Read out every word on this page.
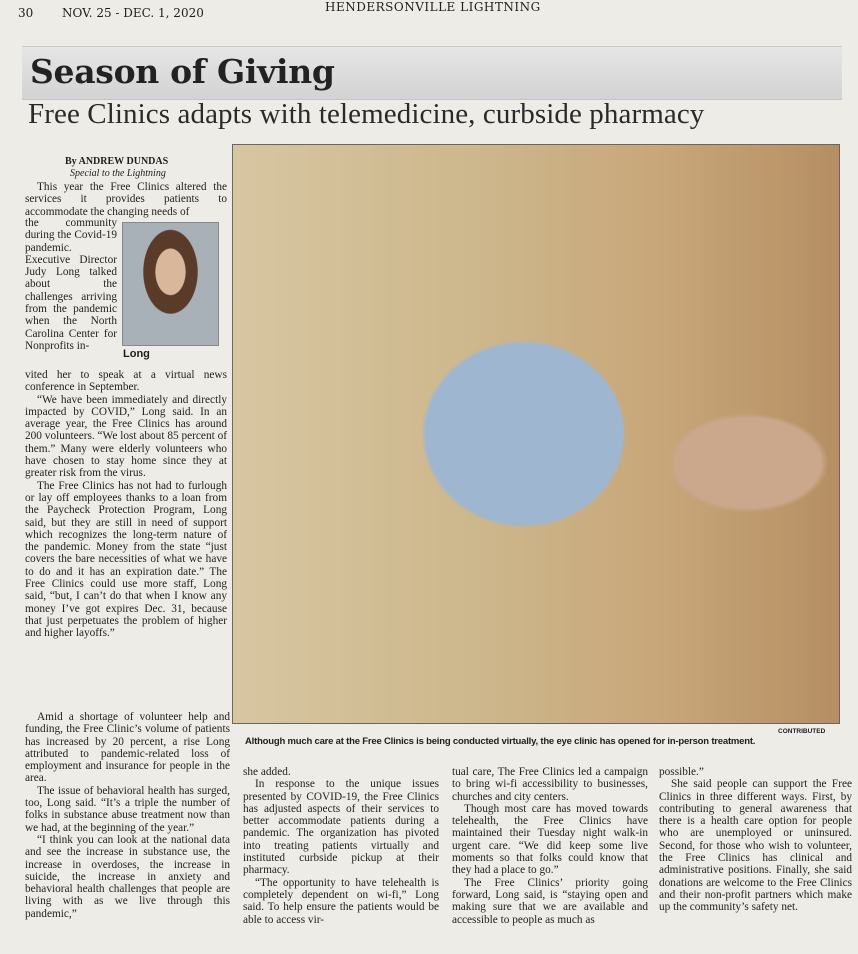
30 NOV. 25 - DEC. 1, 2020	HENDERSONVILLE LIGHTNING
Season of Giving
Free Clinics adapts with telemedicine, curbside pharmacy
By ANDREW DUNDAS
Special to the Lightning

This year the Free Clinics altered the services it provides patients to accommodate the changing needs of

the community during the Covid-19 pandemic. Executive Director Judy Long talked about the challenges arriving from the pandemic when the North Carolina Center for Nonprofits in-

Long

vited her to speak at a virtual news conference in September.

“We have been immediately and directly impacted by COVID,” Long said. In an average year, the Free Clinics has around 200 volunteers. “We lost about 85 percent of them.” Many were elderly volunteers who have chosen to stay home since they at greater risk from the virus.

The Free Clinics has not had to furlough or lay off employees thanks to a loan from the Paycheck Protection Program, Long said, but they are still in need of support which recognizes the long-term nature of the pandemic. Money from the state “just covers the bare necessities of what we have to do and it has an expiration date.” The Free Clinics could use more staff, Long said, “but, I can’t do that when I know any money I’ve got expires Dec. 31, because that just perpetuates the problem of higher and higher layoffs.”

CONTRIBUTED
Although much care at the Free Clinics is being conducted virtually, the eye clinic has opened for in-person treatment.

Amid a shortage of volunteer help and funding, the Free Clinic’s volume of patients has increased by 20 percent, a rise Long attributed to pandemic-related loss of employment and insurance for people in the area.

The issue of behavioral health has surged, too, Long said. “It’s a triple the number of folks in substance abuse treatment now than we had, at the beginning of the year.”

“I think you can look at the national data and see the increase in substance use, the increase in overdoses, the increase in suicide, the increase in anxiety and behavioral health challenges that people are living with as we live through this pandemic,”

she added.

In response to the unique issues presented by COVID-19, the Free Clinics has adjusted aspects of their services to better accommodate patients during a pandemic. The organization has pivoted into treating patients virtually and instituted curbside pickup at their pharmacy.

“The opportunity to have telehealth is completely dependent on wi-fi,” Long said. To help ensure the patients would be able to access vir-

tual care, The Free Clinics led a campaign to bring wi-fi accessibility to businesses, churches and city centers.

Though most care has moved towards telehealth, the Free Clinics have maintained their Tuesday night walk-in urgent care. “We did keep some live moments so that folks could know that they had a place to go.”

The Free Clinics’ priority going forward, Long said, is “staying open and making sure that we are available and accessible to people as much as

possible.”

She said people can support the Free Clinics in three different ways. First, by contributing to general awareness that there is a health care option for people who are unemployed or uninsured. Second, for those who wish to volunteer, the Free Clinics has clinical and administrative positions. Finally, she said donations are welcome to the Free Clinics and their non-profit partners which make up the community’s safety net.
